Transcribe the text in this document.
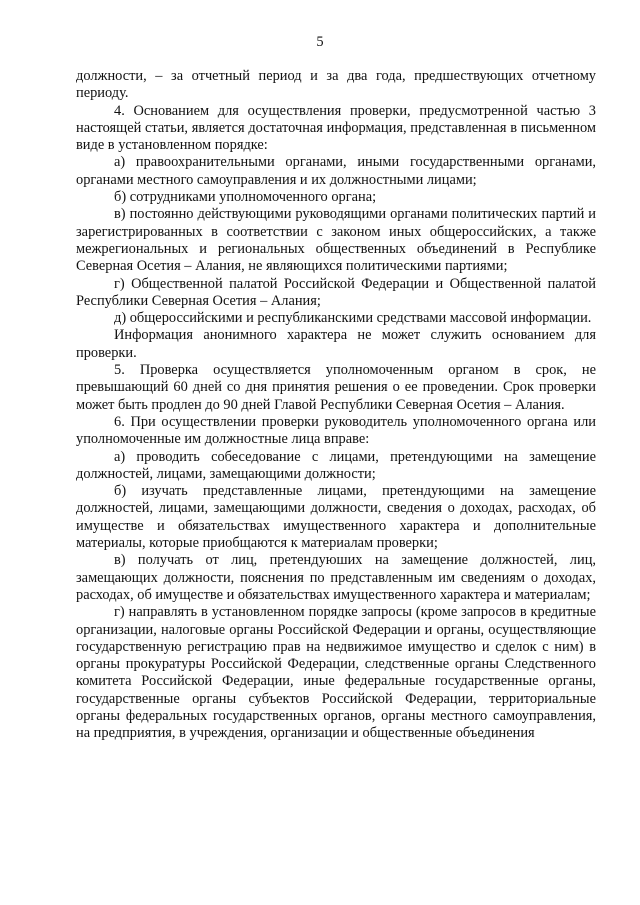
5

должности, – за отчетный период и за два года, предшествующих отчетному периоду.

4. Основанием для осуществления проверки, предусмотренной частью 3 настоящей статьи, является достаточная информация, представленная в письменном виде в установленном порядке:

а) правоохранительными органами, иными государственными органами, органами местного самоуправления и их должностными лицами;

б) сотрудниками уполномоченного органа;

в) постоянно действующими руководящими органами политических партий и зарегистрированных в соответствии с законом иных общероссийских, а также межрегиональных и региональных общественных объединений в Республике Северная Осетия – Алания, не являющихся политическими партиями;

г) Общественной палатой Российской Федерации и Общественной палатой Республики Северная Осетия – Алания;

д) общероссийскими и республиканскими средствами массовой информации.

Информация анонимного характера не может служить основанием для проверки.

5. Проверка осуществляется уполномоченным органом в срок, не превышающий 60 дней со дня принятия решения о ее проведении. Срок проверки может быть продлен до 90 дней Главой Республики Северная Осетия – Алания.

6. При осуществлении проверки руководитель уполномоченного органа или уполномоченные им должностные лица вправе:

а) проводить собеседование с лицами, претендующими на замещение должностей, лицами, замещающими должности;

б) изучать представленные лицами, претендующими на замещение должностей, лицами, замещающими должности, сведения о доходах, расходах, об имуществе и обязательствах имущественного характера и дополнительные материалы, которые приобщаются к материалам проверки;

в) получать от лиц, претендуюших на замещение должностей, лиц, замещающих должности, пояснения по представленным им сведениям о доходах, расходах, об имуществе и обязательствах имущественного характера и материалам;

г) направлять в установленном порядке запросы (кроме запросов в кредитные организации, налоговые органы Российской Федерации и органы, осуществляющие государственную регистрацию прав на недвижимое имущество и сделок с ним) в органы прокуратуры Российской Федерации, следственные органы Следственного комитета Российской Федерации, иные федеральные государственные органы, государственные органы субъектов Российской Федерации, территориальные органы федеральных государственных органов, органы местного самоуправления, на предприятия, в учреждения, организации и общественные объединения
